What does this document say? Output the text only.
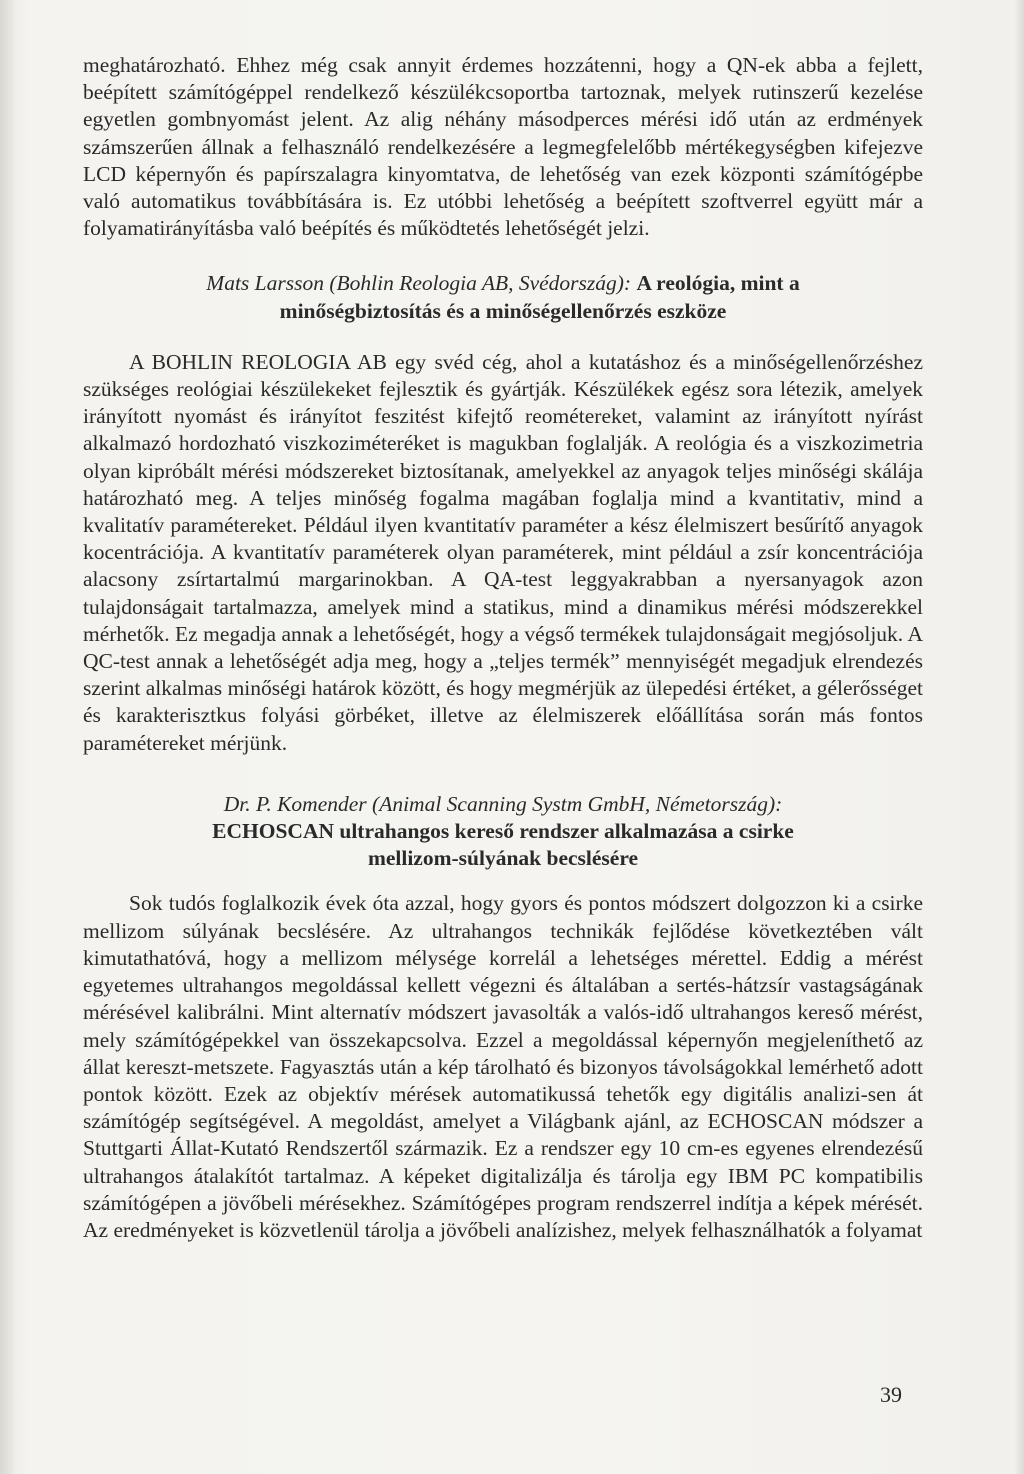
meghatározható. Ehhez még csak annyit érdemes hozzátenni, hogy a QN-ek abba a fejlett, beépített számítógéppel rendelkező készülékcsoportba tartoznak, melyek rutinszerű kezelése egyetlen gombnyomást jelent. Az alig néhány másodperces mérési idő után az erdmények számszerűen állnak a felhasználó rendelkezésére a legmegfelelőbb mértékegységben kifejezve LCD képernyőn és papírszalagra kinyomtatva, de lehetőség van ezek központi számítógépbe való automatikus továbbítására is. Ez utóbbi lehetőség a beépített szoftverrel együtt már a folyamatirányításba való beépítés és működtetés lehetőségét jelzi.

Mats Larsson (Bohlin Reologia AB, Svédország): A reológia, mint a
minőségbiztosítás és a minőségellenőrzés eszköze

A BOHLIN REOLOGIA AB egy svéd cég, ahol a kutatáshoz és a minőségellenőrzéshez szükséges reológiai készülekeket fejlesztik és gyártják. Készülékek egész sora létezik, amelyek irányított nyomást és irányítot feszitést kifejtő reométereket, valamint az irányított nyírást alkalmazó hordozható viszkoziméteréket is magukban foglalják. A reológia és a viszkozimetria olyan kipróbált mérési módszereket biztosítanak, amelyekkel az anyagok teljes minőségi skálája határozható meg. A teljes minőség fogalma magában foglalja mind a kvantitativ, mind a kvalitatív paramétereket. Például ilyen kvantitatív paraméter a kész élelmiszert besűrítő anyagok kocentrációja. A kvantitatív paraméterek olyan paraméterek, mint például a zsír koncentrációja alacsony zsírtartalmú margarinokban. A QA-test leggyakrabban a nyersanyagok azon tulajdonságait tartalmazza, amelyek mind a statikus, mind a dinamikus mérési módszerekkel mérhetők. Ez megadja annak a lehetőségét, hogy a végső termékek tulajdonságait megjósoljuk. A QC-test annak a lehetőségét adja meg, hogy a „teljes termék” mennyiségét megadjuk elrendezés szerint alkalmas minőségi határok között, és hogy megmérjük az ülepedési értéket, a gélerősséget és karakterisztkus folyási görbéket, illetve az élelmiszerek előállítása során más fontos paramétereket mérjünk.

Dr. P. Komender (Animal Scanning Systm GmbH, Németország):
ECHOSCAN ultrahangos kereső rendszer alkalmazása a csirke
mellizom-súlyának becslésére

Sok tudós foglalkozik évek óta azzal, hogy gyors és pontos módszert dolgozzon ki a csirke mellizom súlyának becslésére. Az ultrahangos technikák fejlődése következtében vált kimutathatóvá, hogy a mellizom mélysége korrelál a lehetséges mérettel. Eddig a mérést egyetemes ultrahangos megoldással kellett végezni és általában a sertés-hátzsír vastagságának mérésével kalibrálni. Mint alternatív módszert javasolták a valós-idő ultrahangos kereső mérést, mely számítógépekkel van összekapcsolva. Ezzel a megoldással képernyőn megjeleníthető az állat kereszt-metszete. Fagyasztás után a kép tárolható és bizonyos távolságokkal lemérhető adott pontok között. Ezek az objektív mérések automatikussá tehetők egy digitális analizi-sen át számítógép segítségével. A megoldást, amelyet a Világbank ajánl, az ECHOSCAN módszer a Stuttgarti Állat-Kutató Rendszertől származik. Ez a rendszer egy 10 cm-es egyenes elrendezésű ultrahangos átalakítót tartalmaz. A képeket digitalizálja és tárolja egy IBM PC kompatibilis számítógépen a jövőbeli mérésekhez. Számítógépes program rendszerrel indítja a képek mérését. Az eredményeket is közvetlenül tárolja a jövőbeli analízishez, melyek felhasználhatók a folyamat

39
